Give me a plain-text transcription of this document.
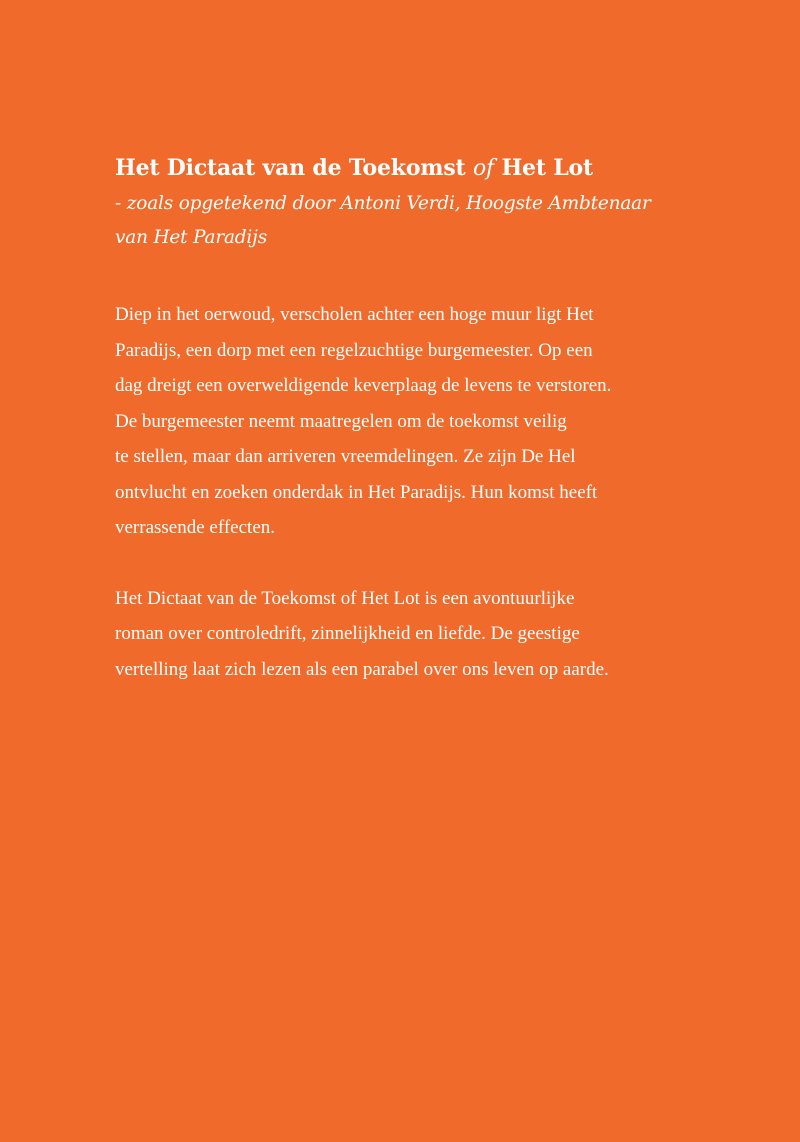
Het Dictaat van de Toekomst of Het Lot

- zoals opgetekend door Antoni Verdi, Hoogste Ambtenaar
van Het Paradijs

Diep in het oerwoud, verscholen achter een hoge muur ligt Het
Paradijs, een dorp met een regelzuchtige burgemeester. Op een
dag dreigt een overweldigende keverplaag de levens te verstoren.
De burgemeester neemt maatregelen om de toekomst veilig
te stellen, maar dan arriveren vreemdelingen. Ze zijn De Hel
ontvlucht en zoeken onderdak in Het Paradijs. Hun komst heeft
verrassende effecten.

Het Dictaat van de Toekomst of Het Lot is een avontuurlijke
roman over controledrift, zinnelijkheid en liefde. De geestige
vertelling laat zich lezen als een parabel over ons leven op aarde.
